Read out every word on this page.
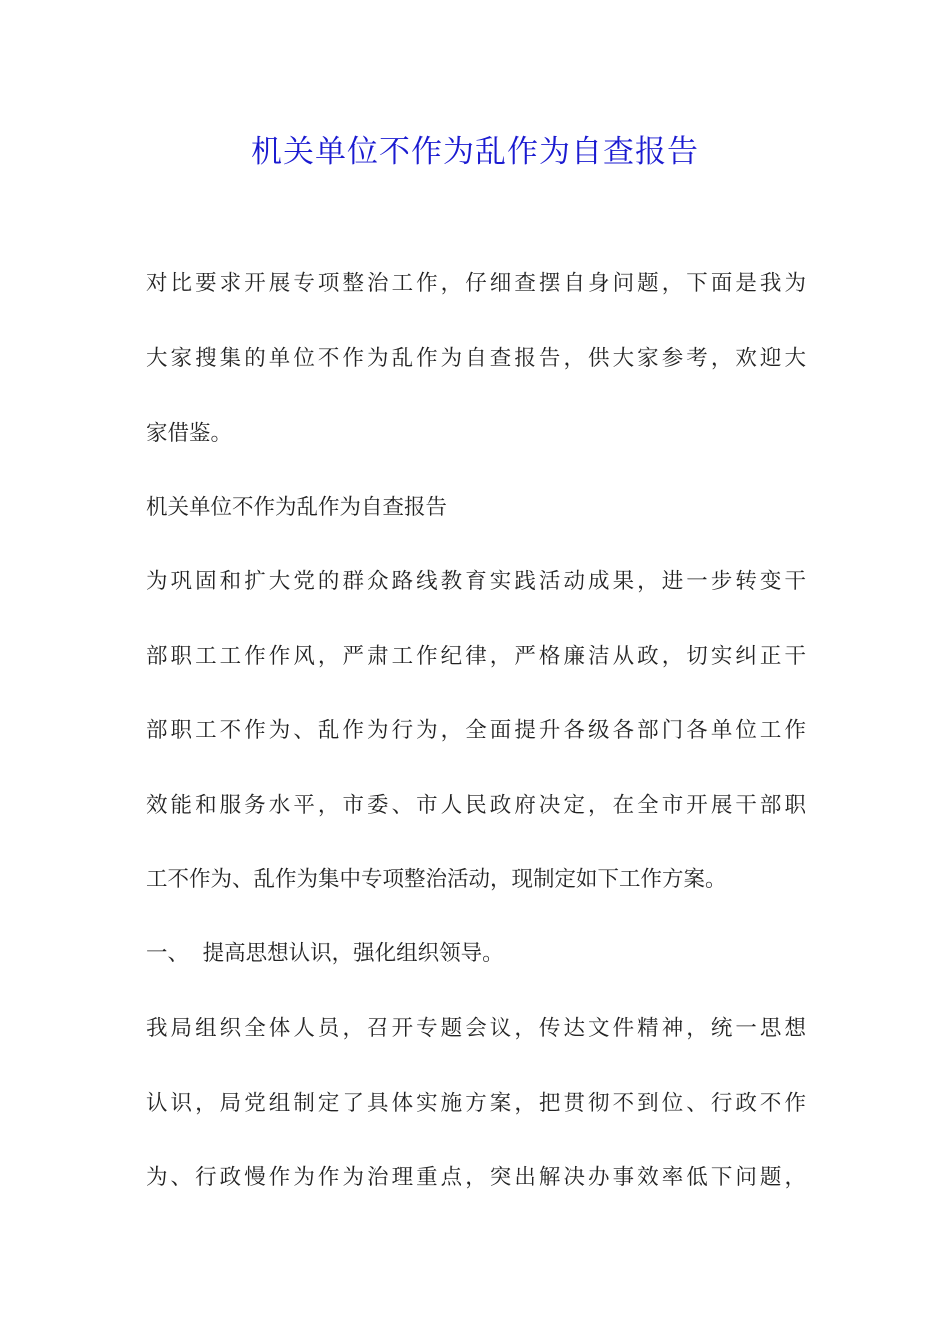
机关单位不作为乱作为自查报告
对比要求开展专项整治工作，仔细查摆自身问题，下面是我为
大家搜集的单位不作为乱作为自查报告，供大家参考，欢迎大
家借鉴。
机关单位不作为乱作为自查报告
为巩固和扩大党的群众路线教育实践活动成果，进一步转变干
部职工工作作风，严肃工作纪律，严格廉洁从政，切实纠正干
部职工不作为、乱作为行为，全面提升各级各部门各单位工作
效能和服务水平，市委、市人民政府决定，在全市开展干部职
工不作为、乱作为集中专项整治活动，现制定如下工作方案。
一、  提高思想认识，强化组织领导。
我局组织全体人员，召开专题会议，传达文件精神，统一思想
认识，局党组制定了具体实施方案，把贯彻不到位、行政不作
为、行政慢作为作为治理重点，突出解决办事效率低下问题，
